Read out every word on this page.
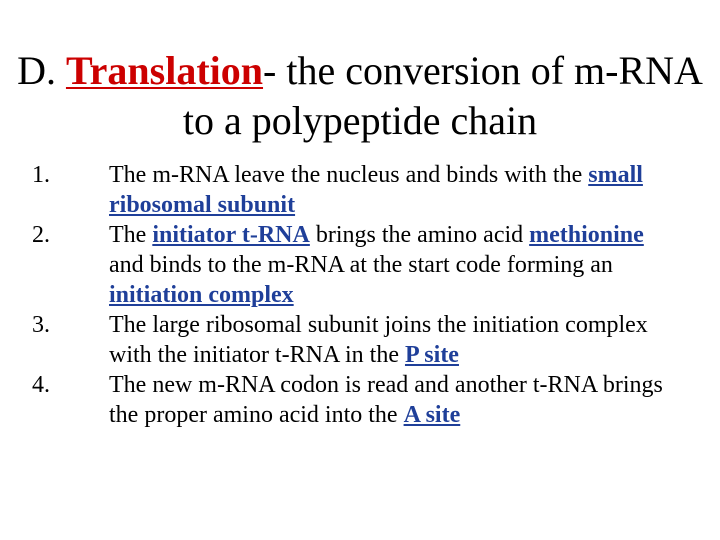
D. Translation- the conversion of m-RNA to a polypeptide chain
1. The m-RNA leave the nucleus and binds with the small ribosomal subunit
2. The initiator t-RNA brings the amino acid methionine and binds to the m-RNA at the start code forming an initiation complex
3. The large ribosomal subunit joins the initiation complex with the initiator t-RNA in the P site
4. The new m-RNA codon is read and another t-RNA brings the proper amino acid into the A site
